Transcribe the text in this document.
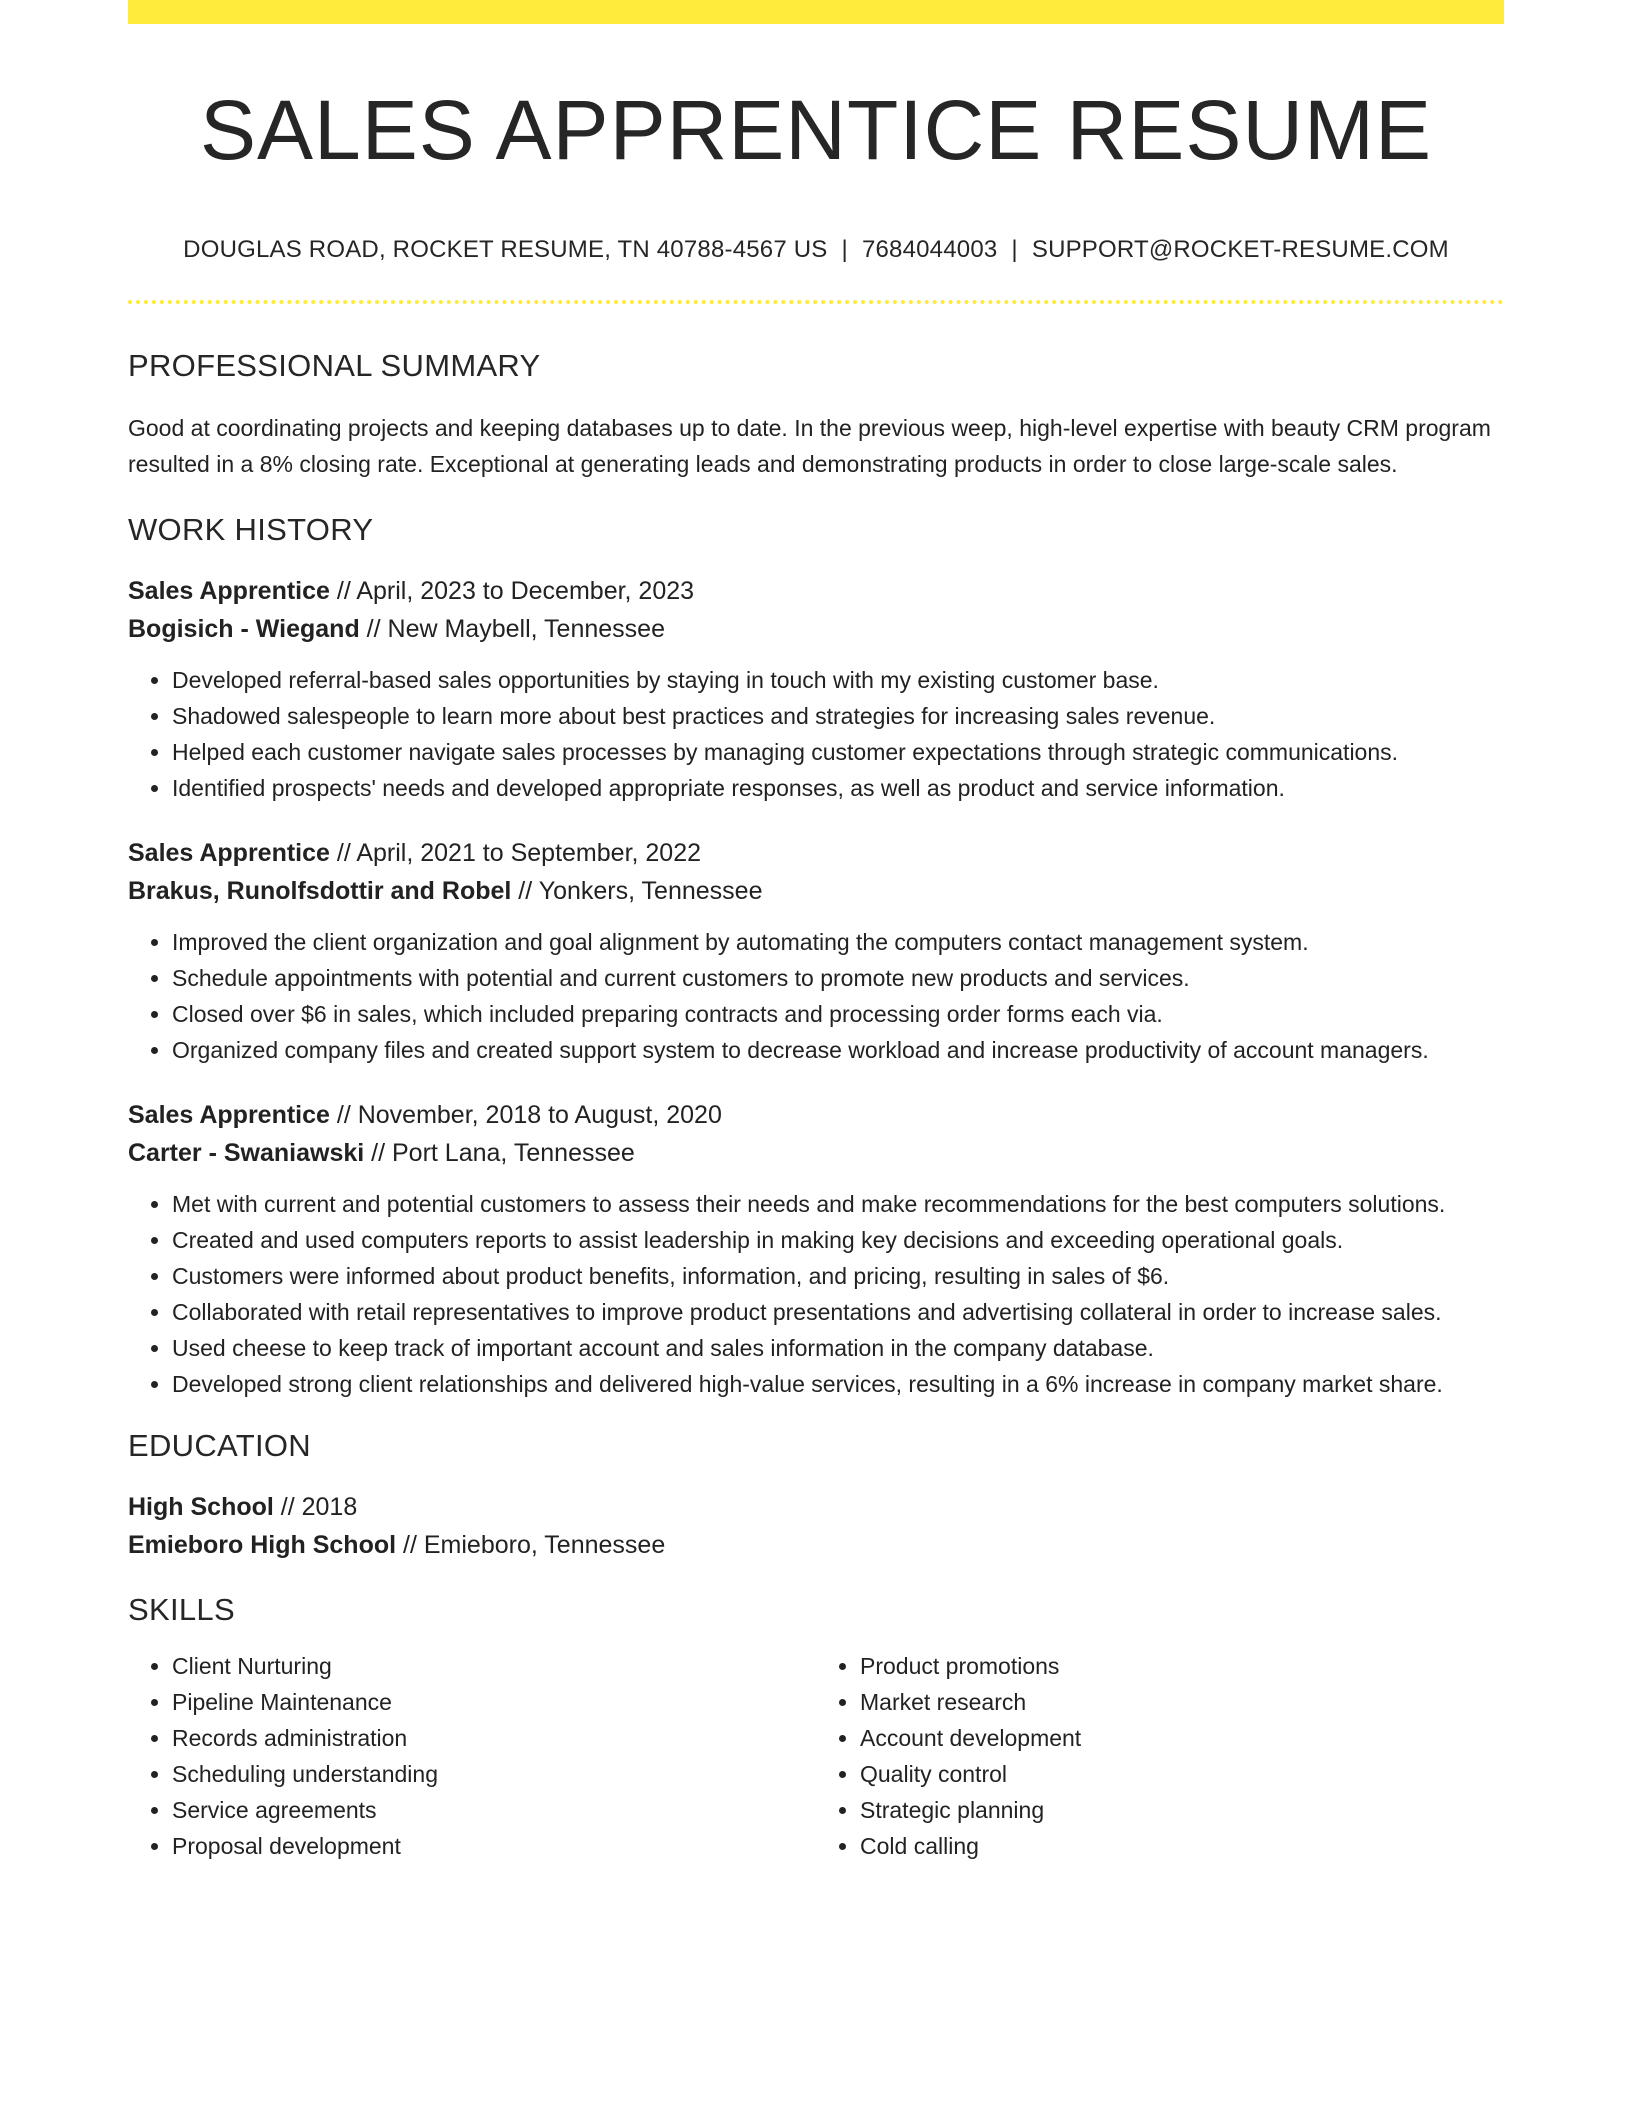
SALES APPRENTICE RESUME
DOUGLAS ROAD, ROCKET RESUME, TN 40788-4567 US | 7684044003 | SUPPORT@ROCKET-RESUME.COM
PROFESSIONAL SUMMARY

Good at coordinating projects and keeping databases up to date. In the previous weep, high-level expertise with beauty CRM program resulted in a 8% closing rate. Exceptional at generating leads and demonstrating products in order to close large-scale sales.

WORK HISTORY
Sales Apprentice // April, 2023 to December, 2023
Bogisich - Wiegand // New Maybell, Tennessee
• Developed referral-based sales opportunities by staying in touch with my existing customer base.
• Shadowed salespeople to learn more about best practices and strategies for increasing sales revenue.
• Helped each customer navigate sales processes by managing customer expectations through strategic communications.
• Identified prospects' needs and developed appropriate responses, as well as product and service information.
Sales Apprentice // April, 2021 to September, 2022
Brakus, Runolfsdottir and Robel // Yonkers, Tennessee
• Improved the client organization and goal alignment by automating the computers contact management system.
• Schedule appointments with potential and current customers to promote new products and services.
• Closed over $6 in sales, which included preparing contracts and processing order forms each via.
• Organized company files and created support system to decrease workload and increase productivity of account managers.
Sales Apprentice // November, 2018 to August, 2020
Carter - Swaniawski // Port Lana, Tennessee
• Met with current and potential customers to assess their needs and make recommendations for the best computers solutions.
• Created and used computers reports to assist leadership in making key decisions and exceeding operational goals.
• Customers were informed about product benefits, information, and pricing, resulting in sales of $6.
• Collaborated with retail representatives to improve product presentations and advertising collateral in order to increase sales.
• Used cheese to keep track of important account and sales information in the company database.
• Developed strong client relationships and delivered high-value services, resulting in a 6% increase in company market share.
EDUCATION
High School // 2018
Emieboro High School // Emieboro, Tennessee
SKILLS
• Client Nurturing
• Pipeline Maintenance
• Records administration
• Scheduling understanding
• Service agreements
• Proposal development
• Product promotions
• Market research
• Account development
• Quality control
• Strategic planning
• Cold calling
